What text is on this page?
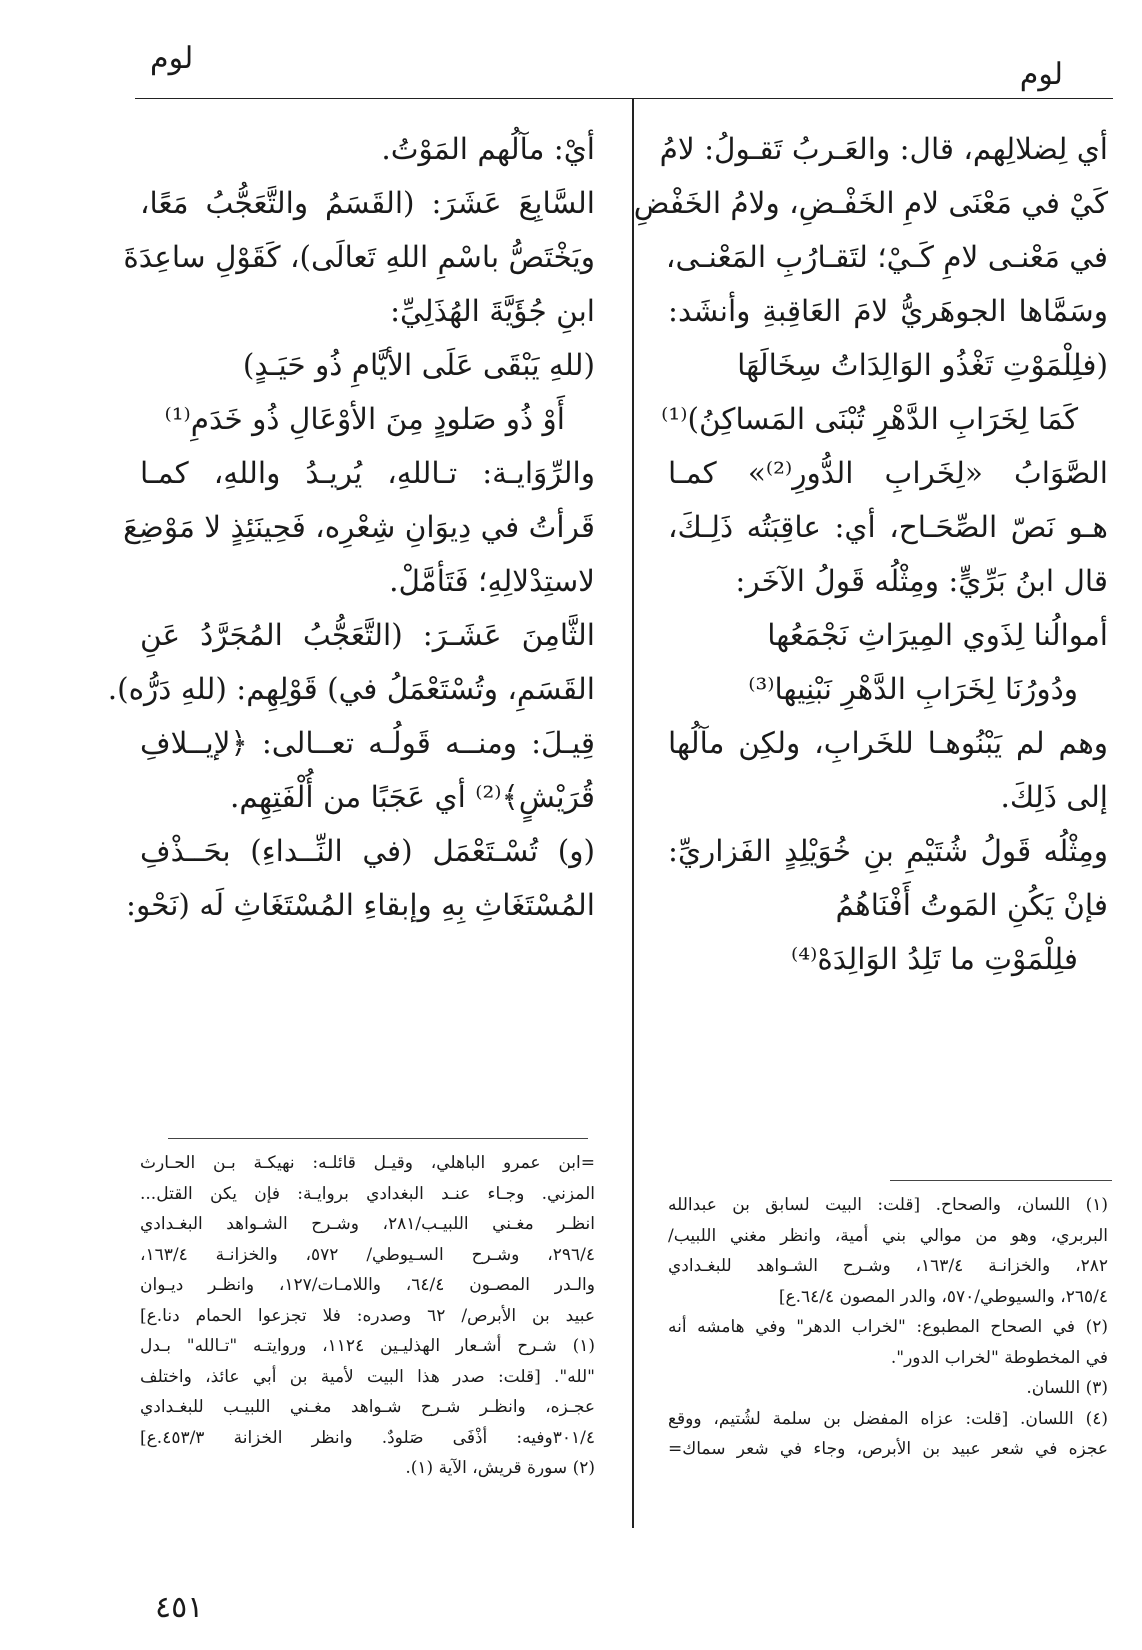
لوم
لوم
أي لِضلالِهم، قال: والعَـربُ تَقـولُ: لامُ
كَيْ في مَعْنَى لامِ الخَفْـضِ، ولامُ الخَفْضِ
في مَعْنـى لامِ كَـيْ؛ لتَقـارُبِ المَعْنـى،
وسَمَّاها الجوهَريُّ لامَ العَاقِبةِ وأنشَد:
(فلِلْمَوْتِ تَغْذُو الوَالِدَاتُ سِخَالَهَا
كَمَا لِخَرَابِ الدَّهْرِ تُبْنَى المَساكِنُ)⁽¹⁾
الصَّوَابُ «لِخَرابِ الدُّورِ⁽²⁾» كمـا
هـو نَصّ الصِّحَـاح، أي: عاقِبَتُه ذَلِـكَ،
قال ابنُ بَرِّيٍّ: ومِثْلُه قَولُ الآخَر:
أموالُنا لِذَوي المِيرَاثِ نَجْمَعُها
ودُورُنَا لِخَرَابِ الدَّهْرِ نَبْنِيها⁽³⁾
وهم لم يَبْنُوهـا للخَرابِ، ولكِن مآلُها
إلى ذَلِكَ.
ومِثْلُه قَولُ شُتَيْمِ بنِ خُوَيْلِدٍ الفَزاريِّ:
فإنْ يَكُنِ المَوتُ أَفْنَاهُمُ
فلِلْمَوْتِ ما تَلِدُ الوَالِدَهْ⁽⁴⁾
أيْ: مآلُهم المَوْتُ.
السَّابِعَ عَشَرَ: (القَسَمُ والتَّعَجُّبُ مَعًا،
ويَخْتَصُّ باسْمِ اللهِ تَعالَى)، كَقَوْلِ ساعِدَةَ
ابنِ جُؤَيَّةَ الهُذَلِيِّ:
(للهِ يَبْقَى عَلَى الأيَّامِ ذُو حَيَـدٍ)
أَوْ ذُو صَلودٍ مِنَ الأوْعَالِ ذُو خَدَمِ⁽¹⁾
والرِّوَايـة: تـاللهِ، يُريـدُ واللهِ، كمـا
قَرأتُ في دِيوَانِ شِعْرِه، فَحِينَئِذٍ لا مَوْضِعَ
لاستِدْلالِهِ؛ فَتَأمَّلْ.
الثَّامِنَ عَشَـرَ: (التَّعَجُّبُ المُجَرَّدُ عَنِ
القَسَمِ، وتُسْتَعْمَلُ في) قَوْلِهِم: (للهِ دَرُّه).
قِيـلَ: ومنــه قَولُـه تعــالى: ﴿لإيــلافِ
قُرَيْشٍ﴾⁽²⁾ أي عَجَبًا من أُلْفَتِهِم.
(و) تُسْـتَعْمَل (في النِّــداءِ) بحَــذْفِ
المُسْتَغَاثِ بِهِ وإبقاءِ المُسْتَغَاثِ لَه (نَحْو:
=ابن عمرو الباهلي، وقيـل قائلـه: نهيكـة بـن الحـارث
المزني. وجـاء عنـد البغدادي بروايـة: فإن يكن القتل...
انظـر مغـني اللبيـب/٢٨١، وشـرح الشـواهد البغـدادي
٢٩٦/٤، وشـرح السـيوطي/ ٥٧٢، والخزانـة ١٦٣/٤،
والـدر المصـون ٦٤/٤، واللامـات/١٢٧، وانظـر ديـوان
عبيد بن الأبرص/ ٦٢ وصدره: فلا تجزعوا الحمام دنا.ع]
(١) شـرح أشـعار الهذليـين ١١٢٤، وروايتـه "تـالله" بـدل
"لله". [قلت: صدر هذا البيت لأمية بن أبي عائذ، واختلف
عجـزه، وانظـر شـرح شـواهد مغـني اللبيـب للبغـدادي
٣٠١/٤وفيه: أذْفَى صَلودٌ. وانظر الخزانة ٤٥٣/٣.ع]
(٢) سورة قريش، الآية (١).
(١) اللسان، والصحاح. [قلت: البيت لسابق بن عبدالله
البربري، وهو من موالي بني أمية، وانظر مغني اللبيب/
٢٨٢، والخزانـة ١٦٣/٤، وشـرح الشـواهد للبغـدادي
٢٦٥/٤، والسيوطي/٥٧٠، والدر المصون ٦٤/٤.ع]
(٢) في الصحاح المطبوع: "لخراب الدهر" وفي هامشه أنه
في المخطوطة "لخراب الدور".
(٣) اللسان.
(٤) اللسان. [قلت: عزاه المفضل بن سلمة لشُتيم، ووقع
عجزه في شعر عبيد بن الأبرص، وجاء في شعر سماك=
٤٥١
